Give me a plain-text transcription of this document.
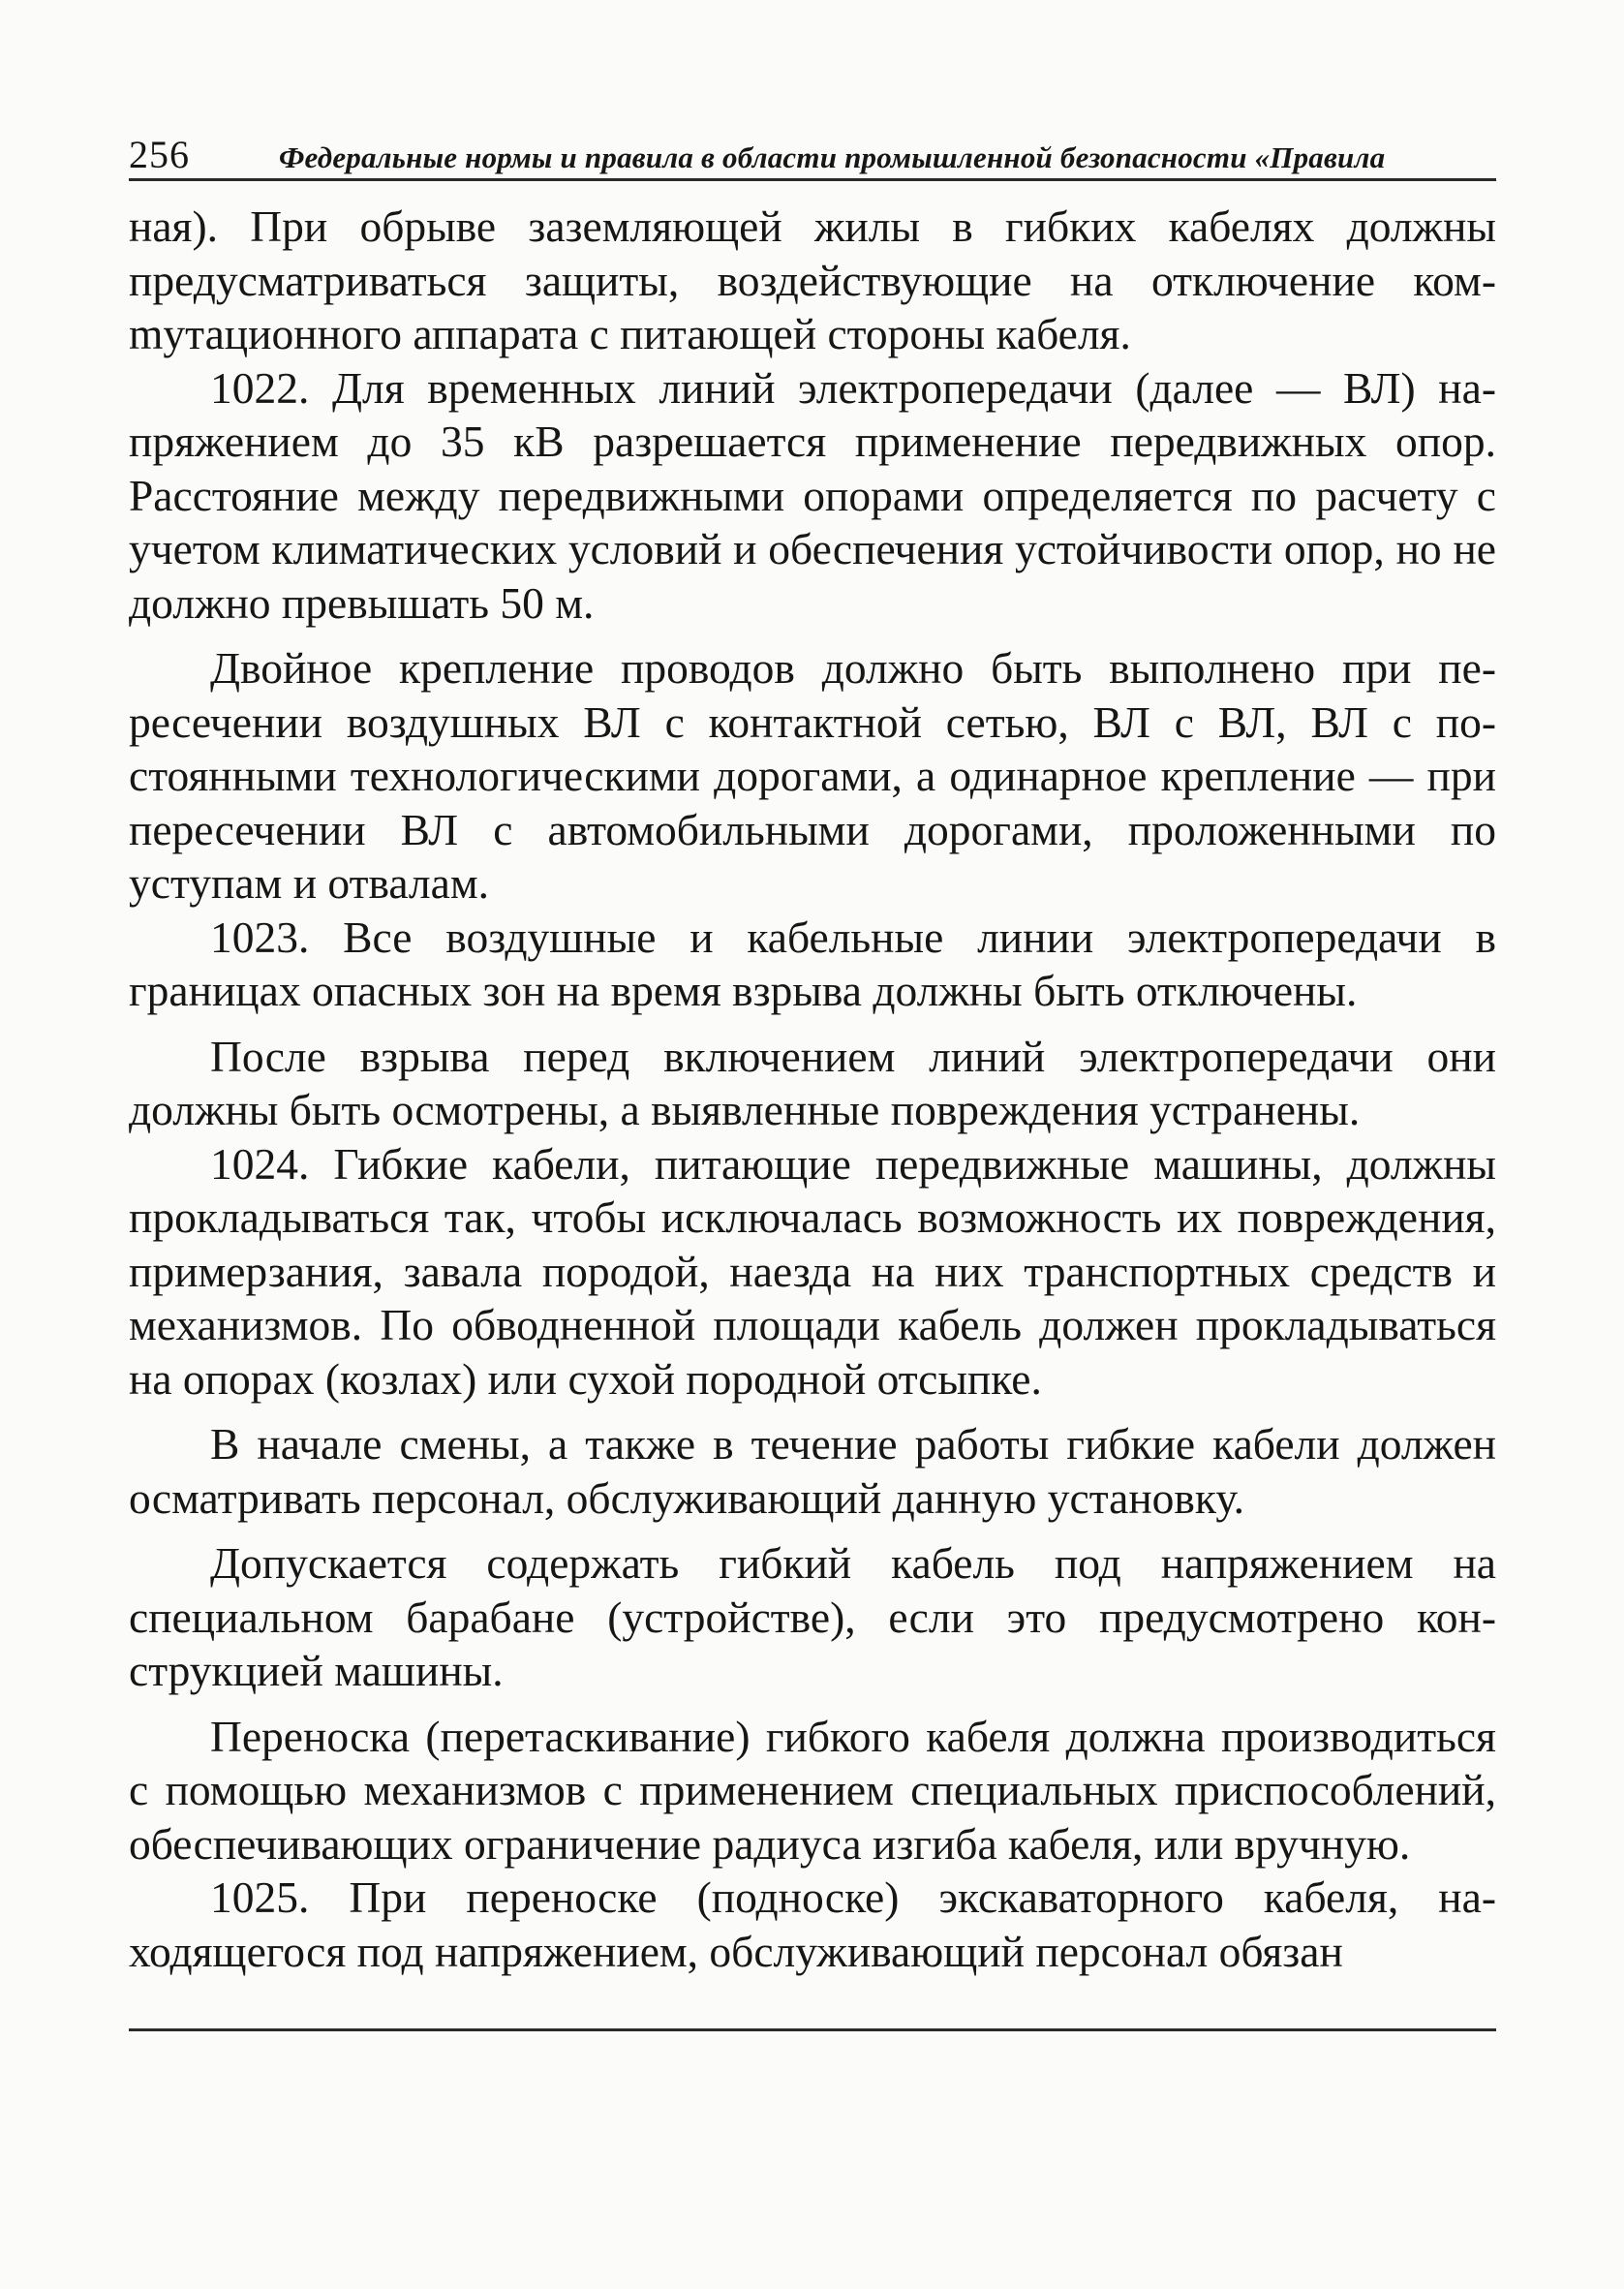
256	Федеральные нормы и правила в области промышленной безопасности «Правила

ная). При обрыве заземляющей жилы в гибких кабелях должны предусматриваться защиты, воздействующие на отключение комmутационного аппарата с питающей стороны кабеля.

1022. Для временных линий электропередачи (далее — ВЛ) напряжением до 35 кВ разрешается применение передвижных опор. Расстояние между передвижными опорами определяется по расчету с учетом климатических условий и обеспечения устойчивости опор, но не должно превышать 50 м.

Двойное крепление проводов должно быть выполнено при пересечении воздушных ВЛ с контактной сетью, ВЛ с ВЛ, ВЛ с постоянными технологическими дорогами, а одинарное крепление — при пересечении ВЛ с автомобильными дорогами, проложенными по уступам и отвалам.

1023. Все воздушные и кабельные линии электропередачи в границах опасных зон на время взрыва должны быть отключены.

После взрыва перед включением линий электропередачи они должны быть осмотрены, а выявленные повреждения устранены.

1024. Гибкие кабели, питающие передвижные машины, должны прокладываться так, чтобы исключалась возможность их повреждения, примерзания, завала породой, наезда на них транспортных средств и механизмов. По обводненной площади кабель должен прокладываться на опорах (козлах) или сухой породной отсыпке.

В начале смены, а также в течение работы гибкие кабели должен осматривать персонал, обслуживающий данную установку.

Допускается содержать гибкий кабель под напряжением на специальном барабане (устройстве), если это предусмотрено конструкцией машины.

Переноска (перетаскивание) гибкого кабеля должна производиться с помощью механизмов с применением специальных приспособлений, обеспечивающих ограничение радиуса изгиба кабеля, или вручную.

1025. При переноске (подноске) экскаваторного кабеля, находящегося под напряжением, обслуживающий персонал обязан
